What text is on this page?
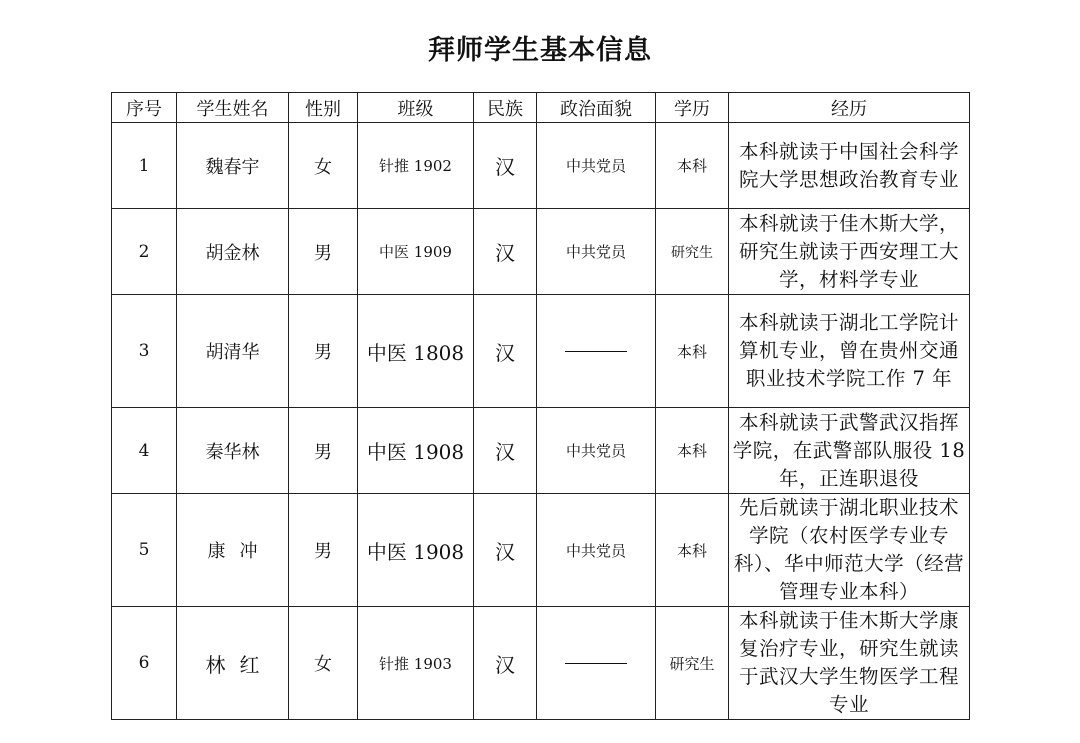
拜师学生基本信息
序号	学生姓名	性别	班级	民族	政治面貌	学历	经历
1	魏春宇	女	针推 1902	汉	中共党员	本科	本科就读于中国社会科学院大学思想政治教育专业
2	胡金林	男	中医 1909	汉	中共党员	研究生	本科就读于佳木斯大学，研究生就读于西安理工大学，材料学专业
3	胡清华	男	中医 1808	汉		本科	本科就读于湖北工学院计算机专业，曾在贵州交通职业技术学院工作 7 年
4	秦华林	男	中医 1908	汉	中共党员	本科	本科就读于武警武汉指挥学院，在武警部队服役 18 年，正连职退役
5	康冲	男	中医 1908	汉	中共党员	本科	先后就读于湖北职业技术学院（农村医学专业专科）、华中师范大学（经营管理专业本科）
6	林红	女	针推 1903	汉		研究生	本科就读于佳木斯大学康复治疗专业，研究生就读于武汉大学生物医学工程专业
